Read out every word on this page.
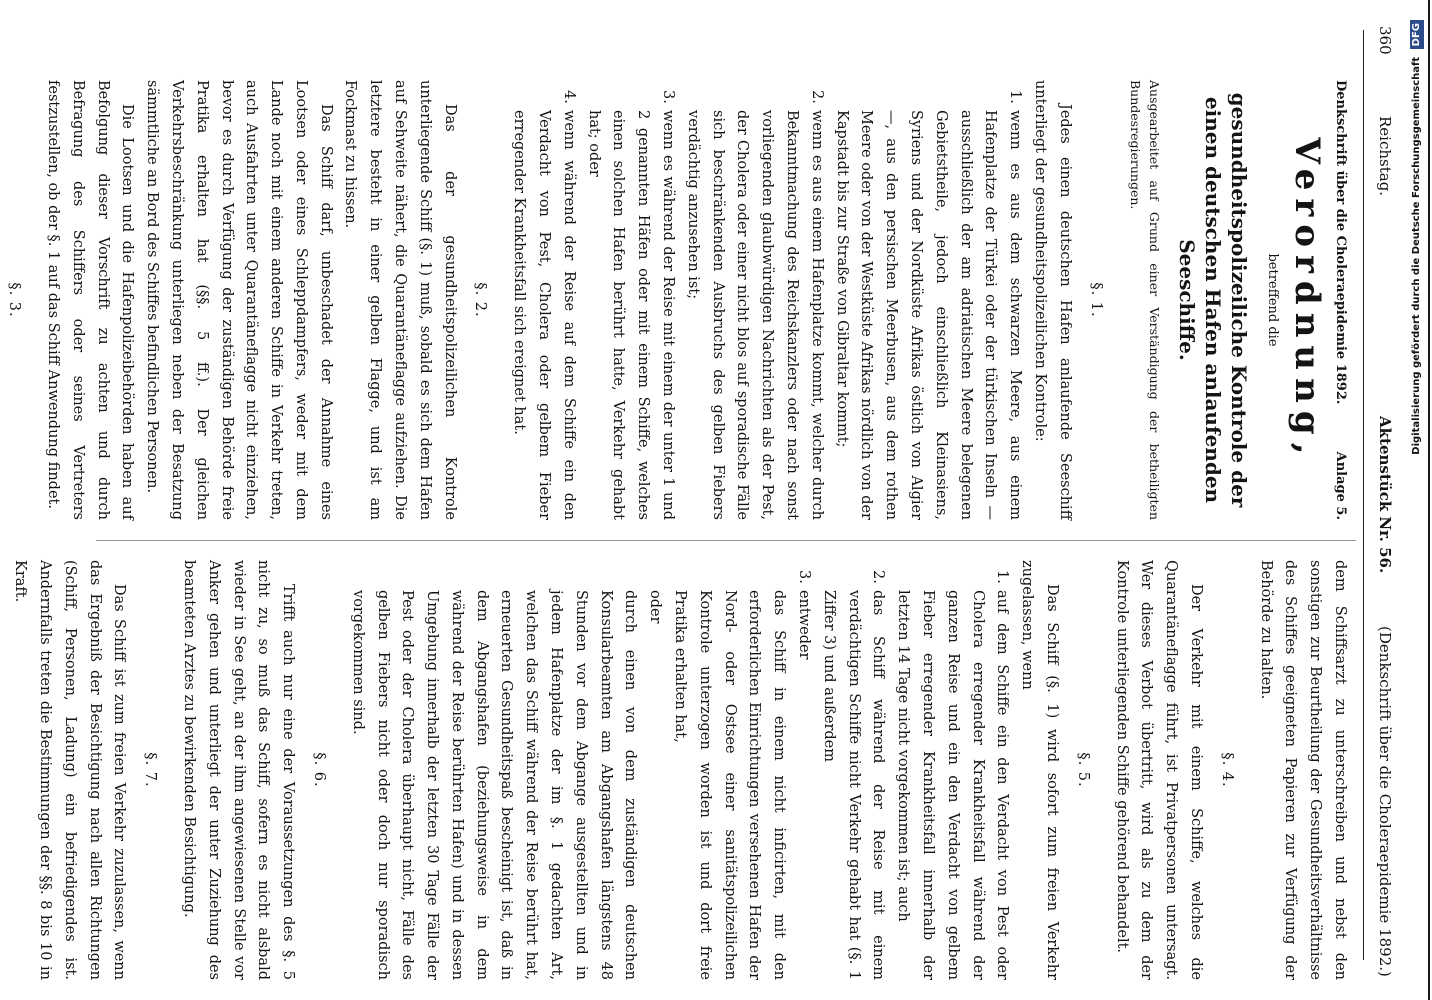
360
Reichstag.
Aktenstück Nr. 56.
(Denkschrift über die Choleraepidemie 1892.)
Denkschrift über die Choleraepidemie 1892.
Anlage 5.
Verordnung,
betreffend die
gesundheitspolizeiliche Kontrole der einen deutschen Hafen anlaufenden Seeschiffe.
Ausgearbeitet auf Grund einer Verständigung der betheiligten Bundesregierungen.
§. 1.

Jedes einen deutschen Hafen anlaufende Seeschiff unterliegt der gesundheitspolizeilichen Kontrole:

1.wenn es aus dem schwarzen Meere, aus einem Hafenplatze der Türkei oder der türkischen Inseln — ausschließlich der am adriatischen Meere belegenen Gebietstheile, jedoch einschließlich Kleinasiens, Syriens und der Nordküste Afrikas östlich von Algier —, aus den persischen Meerbusen, aus dem rothen Meere oder von der Westküste Afrikas nördlich von der Kapstadt bis zur Straße von Gibraltar kommt;

2.wenn es aus einem Hafenplatze kommt, welcher durch Bekanntmachung des Reichskanzlers oder nach sonst vorliegenden glaubwürdigen Nachrichten als der Pest, der Cholera oder einer nicht blos auf sporadische Fälle sich beschränkenden Ausbruchs des gelben Fiebers verdächtig anzusehen ist;

3.wenn es während der Reise mit einem der unter 1 und 2 genannten Häfen oder mit einem Schiffe, welches einen solchen Hafen berührt hatte, Verkehr gehabt hat; oder

4.wenn während der Reise auf dem Schiffe ein den Verdacht von Pest, Cholera oder gelbem Fieber erregender Krankheitsfall sich ereignet hat.

§. 2.

Das der gesundheitspolizeilichen Kontrole unterliegende Schiff (§. 1) muß, sobald es sich dem Hafen auf Sehweite nähert, die Quarantäneflagge aufziehen. Die letztere besteht in einer gelben Flagge, und ist am Fockmast zu hissen.

Das Schiff darf, unbeschadet der Annahme eines Lootsen oder eines Schleppdampfers, weder mit dem Lande noch mit einem anderen Schiffe in Verkehr treten, auch Ausfahrten unter Quarantäneflagge nicht einziehen, bevor es durch Verfügung der zuständigen Behörde freie Pratika erhalten hat (§§. 5 ff.). Der gleichen Verkehrsbeschränkung unterliegen neben der Besatzung sämmtliche an Bord des Schiffes befindlichen Personen.

Die Lootsen und die Hafenpolizeibehörden haben auf Befolgung dieser Vorschrift zu achten und durch Befragung des Schiffers oder seines Vertreters festzustellen, ob der §. 1 auf das Schiff Anwendung findet.

§. 3.

dem Schiffsarzt zu unterschreiben und nebst den sonstigen zur Beurtheilung der Gesundheitsverhältnisse des Schiffes geeigneten Papieren zur Verfügung der Behörde zu halten.

§. 4.

Der Verkehr mit einem Schiffe, welches die Quarantäneflagge führt, ist Privatpersonen untersagt. Wer dieses Verbot übertritt, wird als zu dem der Kontrole unterliegenden Schiffe gehörend behandelt.

§. 5.

Das Schiff (§. 1) wird sofort zum freien Verkehr zugelassen, wenn

1.auf dem Schiffe ein den Verdacht von Pest oder Cholera erregender Krankheitsfall während der ganzen Reise und ein den Verdacht von gelbem Fieber erregender Krankheitsfall innerhalb der letzten 14 Tage nicht vorgekommen ist; auch

2.das Schiff während der Reise mit einem verdächtigen Schiffe nicht Verkehr gehabt hat (§. 1 Ziffer 3) und außerdem

3.entweder

das Schiff in einem nicht inficirten, mit den erforderlichen Einrichtungen versehenen Hafen der Nord- oder Ostsee einer sanitätspolizeilichen Kontrole unterzogen worden ist und dort freie Pratika erhalten hat,

oder

durch einen von dem zuständigen deutschen Konsularbeamten am Abgangshafen längstens 48 Stunden vor dem Abgange ausgestellten und in jedem Hafenplatze der im §. 1 gedachten Art, welchen das Schiff während der Reise berührt hat, erneuerten Gesundheitspaß bescheinigt ist, daß in dem Abgangshafen (beziehungsweise in dem während der Reise berührten Hafen) und in dessen Umgebung innerhalb der letzten 30 Tage Fälle der Pest oder der Cholera überhaupt nicht, Fälle des gelben Fiebers nicht oder doch nur sporadisch vorgekommen sind.

§. 6.

Trifft auch nur eine der Voraussetzungen des §. 5 nicht zu, so muß das Schiff, sofern es nicht alsbald wieder in See geht, an der ihm angewiesenen Stelle vor Anker gehen und unterliegt der unter Zuziehung des beamteten Arztes zu bewirkenden Besichtigung.

§. 7.

Das Schiff ist zum freien Verkehr zuzulassen, wenn das Ergebniß der Besichtigung nach allen Richtungen (Schiff, Personen, Ladung) ein befriedigendes ist. Andernfalls treten die Bestimmungen der §§. 8 bis 10 in Kraft.

Digitalisierung gefördert durch die Deutsche Forschungsgemeinschaft DFG
